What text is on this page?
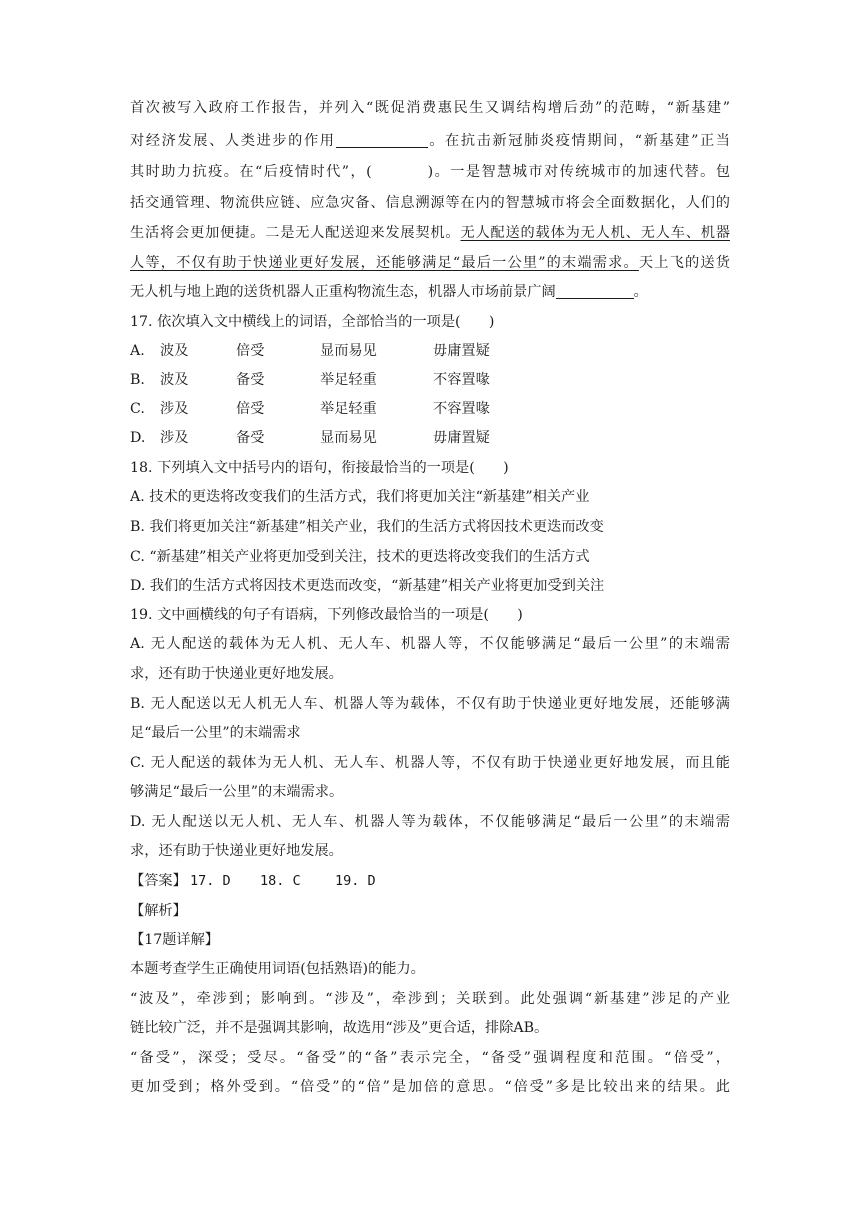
首次被写入政府工作报告，并列入“既促消费惠民生又调结构增后劲”的范畴，“新基建”
对经济发展、人类进步的作用	。在抗击新冠肺炎疫情期间，“新基建”正当
其时助力抗疫。在“后疫情时代”，(	)。一是智慧城市对传统城市的加速代替。包
括交通管理、物流供应链、应急灾备、信息溯源等在内的智慧城市将会全面数据化，人们的
生活将会更加便捷。二是无人配送迎来发展契机。无人配送的载体为无人机、无人车、机器
人等，不仅有助于快递业更好发展，还能够满足“最后一公里”的末端需求。天上飞的送货
无人机与地上跑的送货机器人正重构物流生态，机器人市场前景广阔	。
17. 依次填入文中横线上的词语，全部恰当的一项是(　　)
A. 波及	倍受	显而易见	毋庸置疑
B. 波及	备受	举足轻重	不容置喙
C. 涉及	倍受	举足轻重	不容置喙
D. 涉及	备受	显而易见	毋庸置疑
18. 下列填入文中括号内的语句，衔接最恰当的一项是(　　)
A. 技术的更迭将改变我们的生活方式，我们将更加关注“新基建”相关产业
B. 我们将更加关注“新基建”相关产业，我们的生活方式将因技术更迭而改变
C. “新基建”相关产业将更加受到关注，技术的更迭将改变我们的生活方式
D. 我们的生活方式将因技术更迭而改变，“新基建”相关产业将更加受到关注
19. 文中画横线的句子有语病，下列修改最恰当的一项是(　　)
A. 无人配送的载体为无人机、无人车、机器人等，不仅能够满足“最后一公里”的末端需
求，还有助于快递业更好地发展。
B. 无人配送以无人机无人车、机器人等为载体，不仅有助于快递业更好地发展，还能够满
足“最后一公里”的末端需求
C. 无人配送的载体为无人机、无人车、机器人等，不仅有助于快递业更好地发展，而且能
够满足“最后一公里”的末端需求。
D. 无人配送以无人机、无人车、机器人等为载体，不仅能够满足“最后一公里”的末端需
求，还有助于快递业更好地发展。
【答案】 17. D 18. C	19. D
【解析】
【17题详解】
本题考查学生正确使用词语(包括熟语)的能力。
“波及”，牵涉到；影响到。“涉及”，牵涉到；关联到。此处强调“新基建”涉足的产业
链比较广泛，并不是强调其影响，故选用“涉及”更合适，排除AB。
“备受”，深受；受尽。“备受”的“备”表示完全，“备受”强调程度和范围。“倍受”，
更加受到；格外受到。“倍受”的“倍”是加倍的意思。“倍受”多是比较出来的结果。此
